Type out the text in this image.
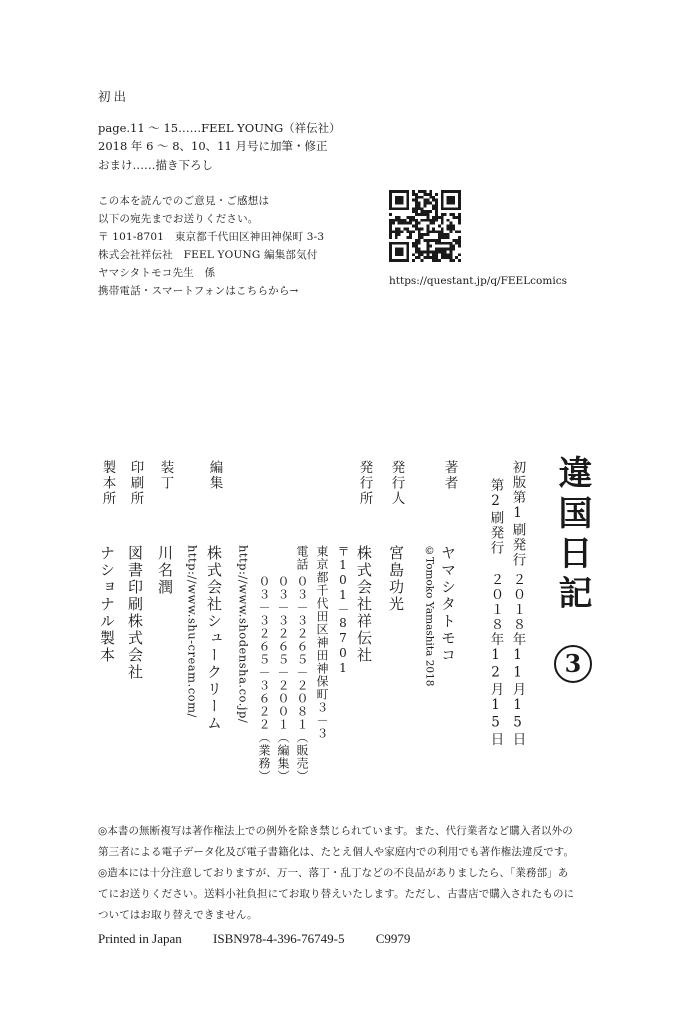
初出
page.11 〜 15……FEEL YOUNG（祥伝社）
2018 年 6 〜 8、10、11 月号に加筆・修正
おまけ……描き下ろし
この本を読んでのご意見・ご感想は
以下の宛先までお送りください。
〒 101-8701　東京都千代田区神田神保町 3-3
株式会社祥伝社　FEEL YOUNG 編集部気付
ヤマシタトモコ先生　係
携帯電話・スマートフォンはこちらから→
https://questant.jp/q/FEELcomics
違国日記
3
初版第1刷発行
２０１８年11月15日
第2刷発行
２０１８年12月15日
著者
ヤマシタトモコ
©Tomoko Yamashita 2018
発行人
宮島功光
発行所
株式会社祥伝社
〒101－8701
東京都千代田区神田神保町３－３
電話
０３－３２６５－２０８１（販売）
０３－３２６５－２００１（編集）
０３－３２６５－３６２２（業務）
http://www.shodensha.co.jp/
編集
株式会社シュークリーム
http://www.shu-cream.com/
装丁
川名潤
印刷所
図書印刷株式会社
製本所
ナショナル製本
◎本書の無断複写は著作権法上での例外を除き禁じられています。また、代行業者など購入者以外の
第三者による電子データ化及び電子書籍化は、たとえ個人や家庭内での利用でも著作権法違反です。
◎造本には十分注意しておりますが、万一、落丁・乱丁などの不良品がありましたら、「業務部」あ
てにお送りください。送料小社負担にてお取り替えいたします。ただし、古書店で購入されたものに
ついてはお取り替えできません。
Printed in Japan ISBN978-4-396-76749-5 C9979
